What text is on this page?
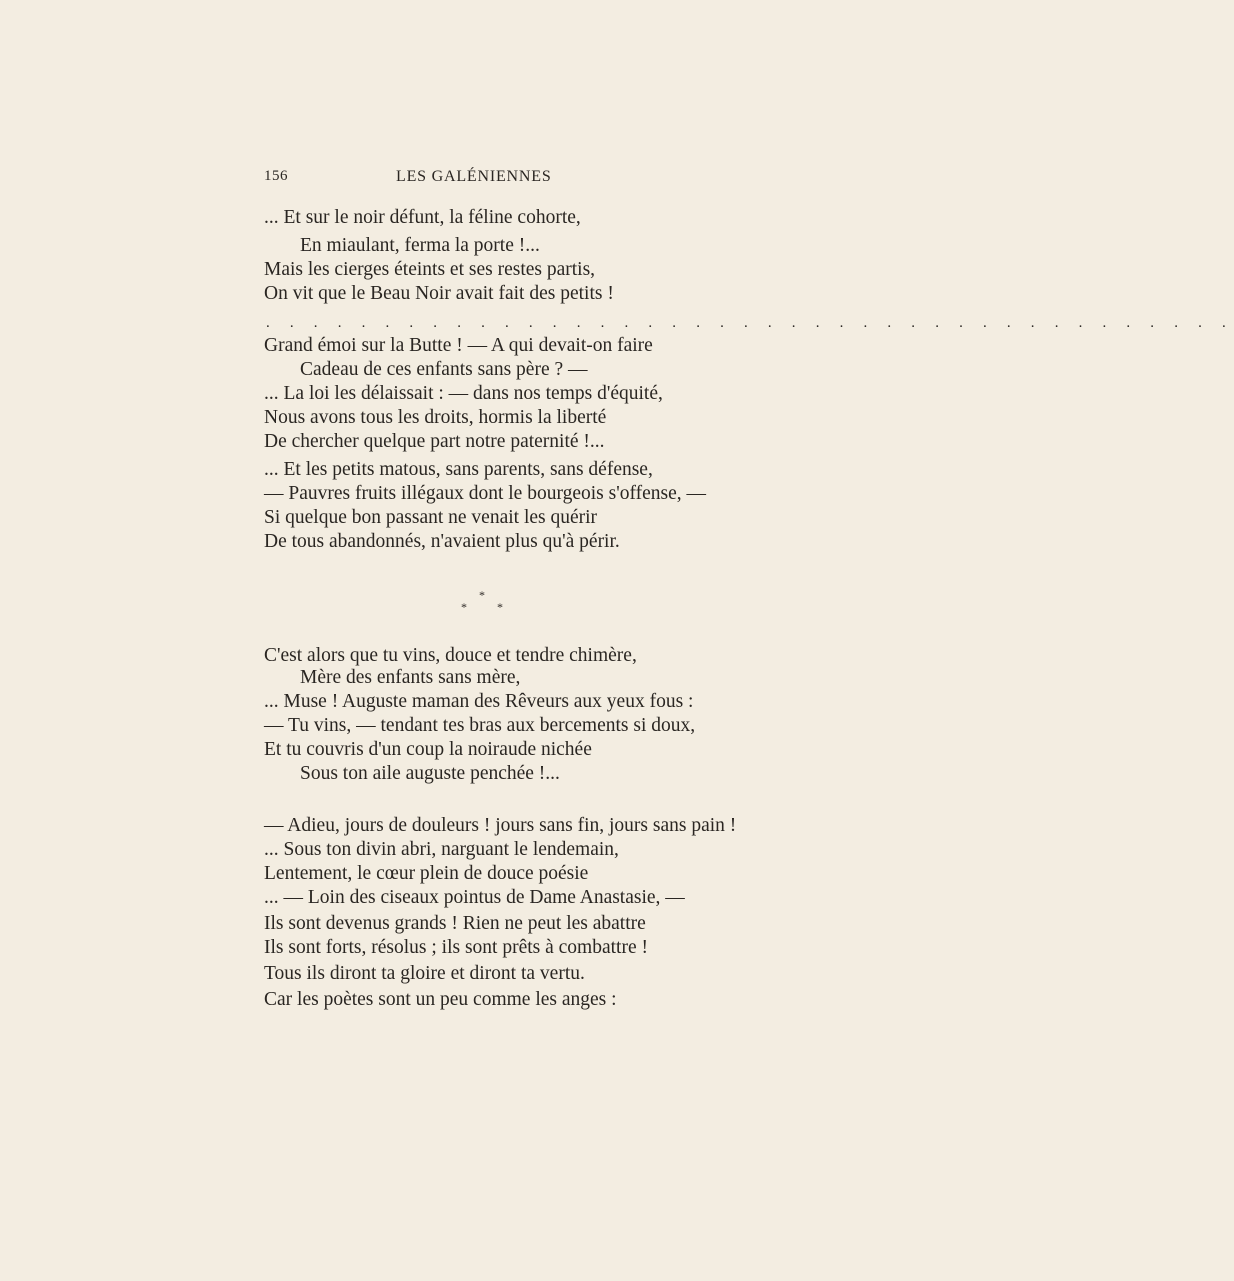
156	LES GALÉNIENNES
... Et sur le noir défunt, la féline cohorte,
En miaulant, ferma la porte !...
Mais les cierges éteints et ses restes partis,
On vit que le Beau Noir avait fait des petits !
. . . . . . . . . . . . . . . . . . . . . . . . . . . . . . . . . . . . . . . . .
Grand émoi sur la Butte ! — A qui devait-on faire
Cadeau de ces enfants sans père ? —
... La loi les délaissait : — dans nos temps d'équité,
Nous avons tous les droits, hormis la liberté
De chercher quelque part notre paternité !...
... Et les petits matous, sans parents, sans défense,
— Pauvres fruits illégaux dont le bourgeois s'offense, —
Si quelque bon passant ne venait les quérir
De tous abandonnés, n'avaient plus qu'à périr.
*
*	*
C'est alors que tu vins, douce et tendre chimère,
Mère des enfants sans mère,
... Muse ! Auguste maman des Rêveurs aux yeux fous :
— Tu vins, — tendant tes bras aux bercements si doux,
Et tu couvris d'un coup la noiraude nichée
Sous ton aile auguste penchée !...
— Adieu, jours de douleurs ! jours sans fin, jours sans pain !
... Sous ton divin abri, narguant le lendemain,
Lentement, le cœur plein de douce poésie
... — Loin des ciseaux pointus de Dame Anastasie, —
Ils sont devenus grands ! Rien ne peut les abattre
Ils sont forts, résolus ; ils sont prêts à combattre !
Tous ils diront ta gloire et diront ta vertu.
Car les poètes sont un peu comme les anges :
